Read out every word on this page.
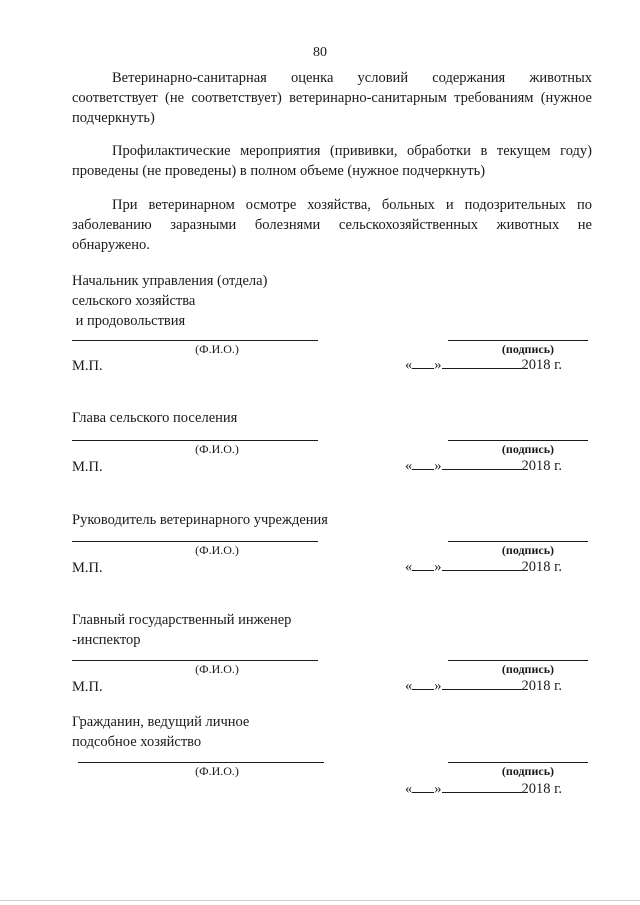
80
Ветеринарно-санитарная оценка условий содержания животных соответствует (не соответствует) ветеринарно-санитарным требованиям (нужное подчеркнуть)
Профилактические мероприятия (прививки, обработки в текущем году) проведены (не проведены) в полном объеме (нужное подчеркнуть)
При ветеринарном осмотре хозяйства, больных и подозрительных по заболеванию заразными болезнями сельскохозяйственных животных не обнаружено.
Начальник управления (отдела)
сельского хозяйства
и продовольствия
(Ф.И.О.)	(подпись)
М.П.	« »	2018 г.
Глава сельского поселения
(Ф.И.О.)	(подпись)
М.П.	« »	2018 г.
Руководитель ветеринарного учреждения
(Ф.И.О.)	(подпись)
М.П.	« »	2018 г.
Главный государственный инженер
-инспектор
(Ф.И.О.)	(подпись)
М.П.	« »	2018 г.
Гражданин, ведущий личное
подсобное хозяйство
(Ф.И.О.)	(подпись)
« »	2018 г.
